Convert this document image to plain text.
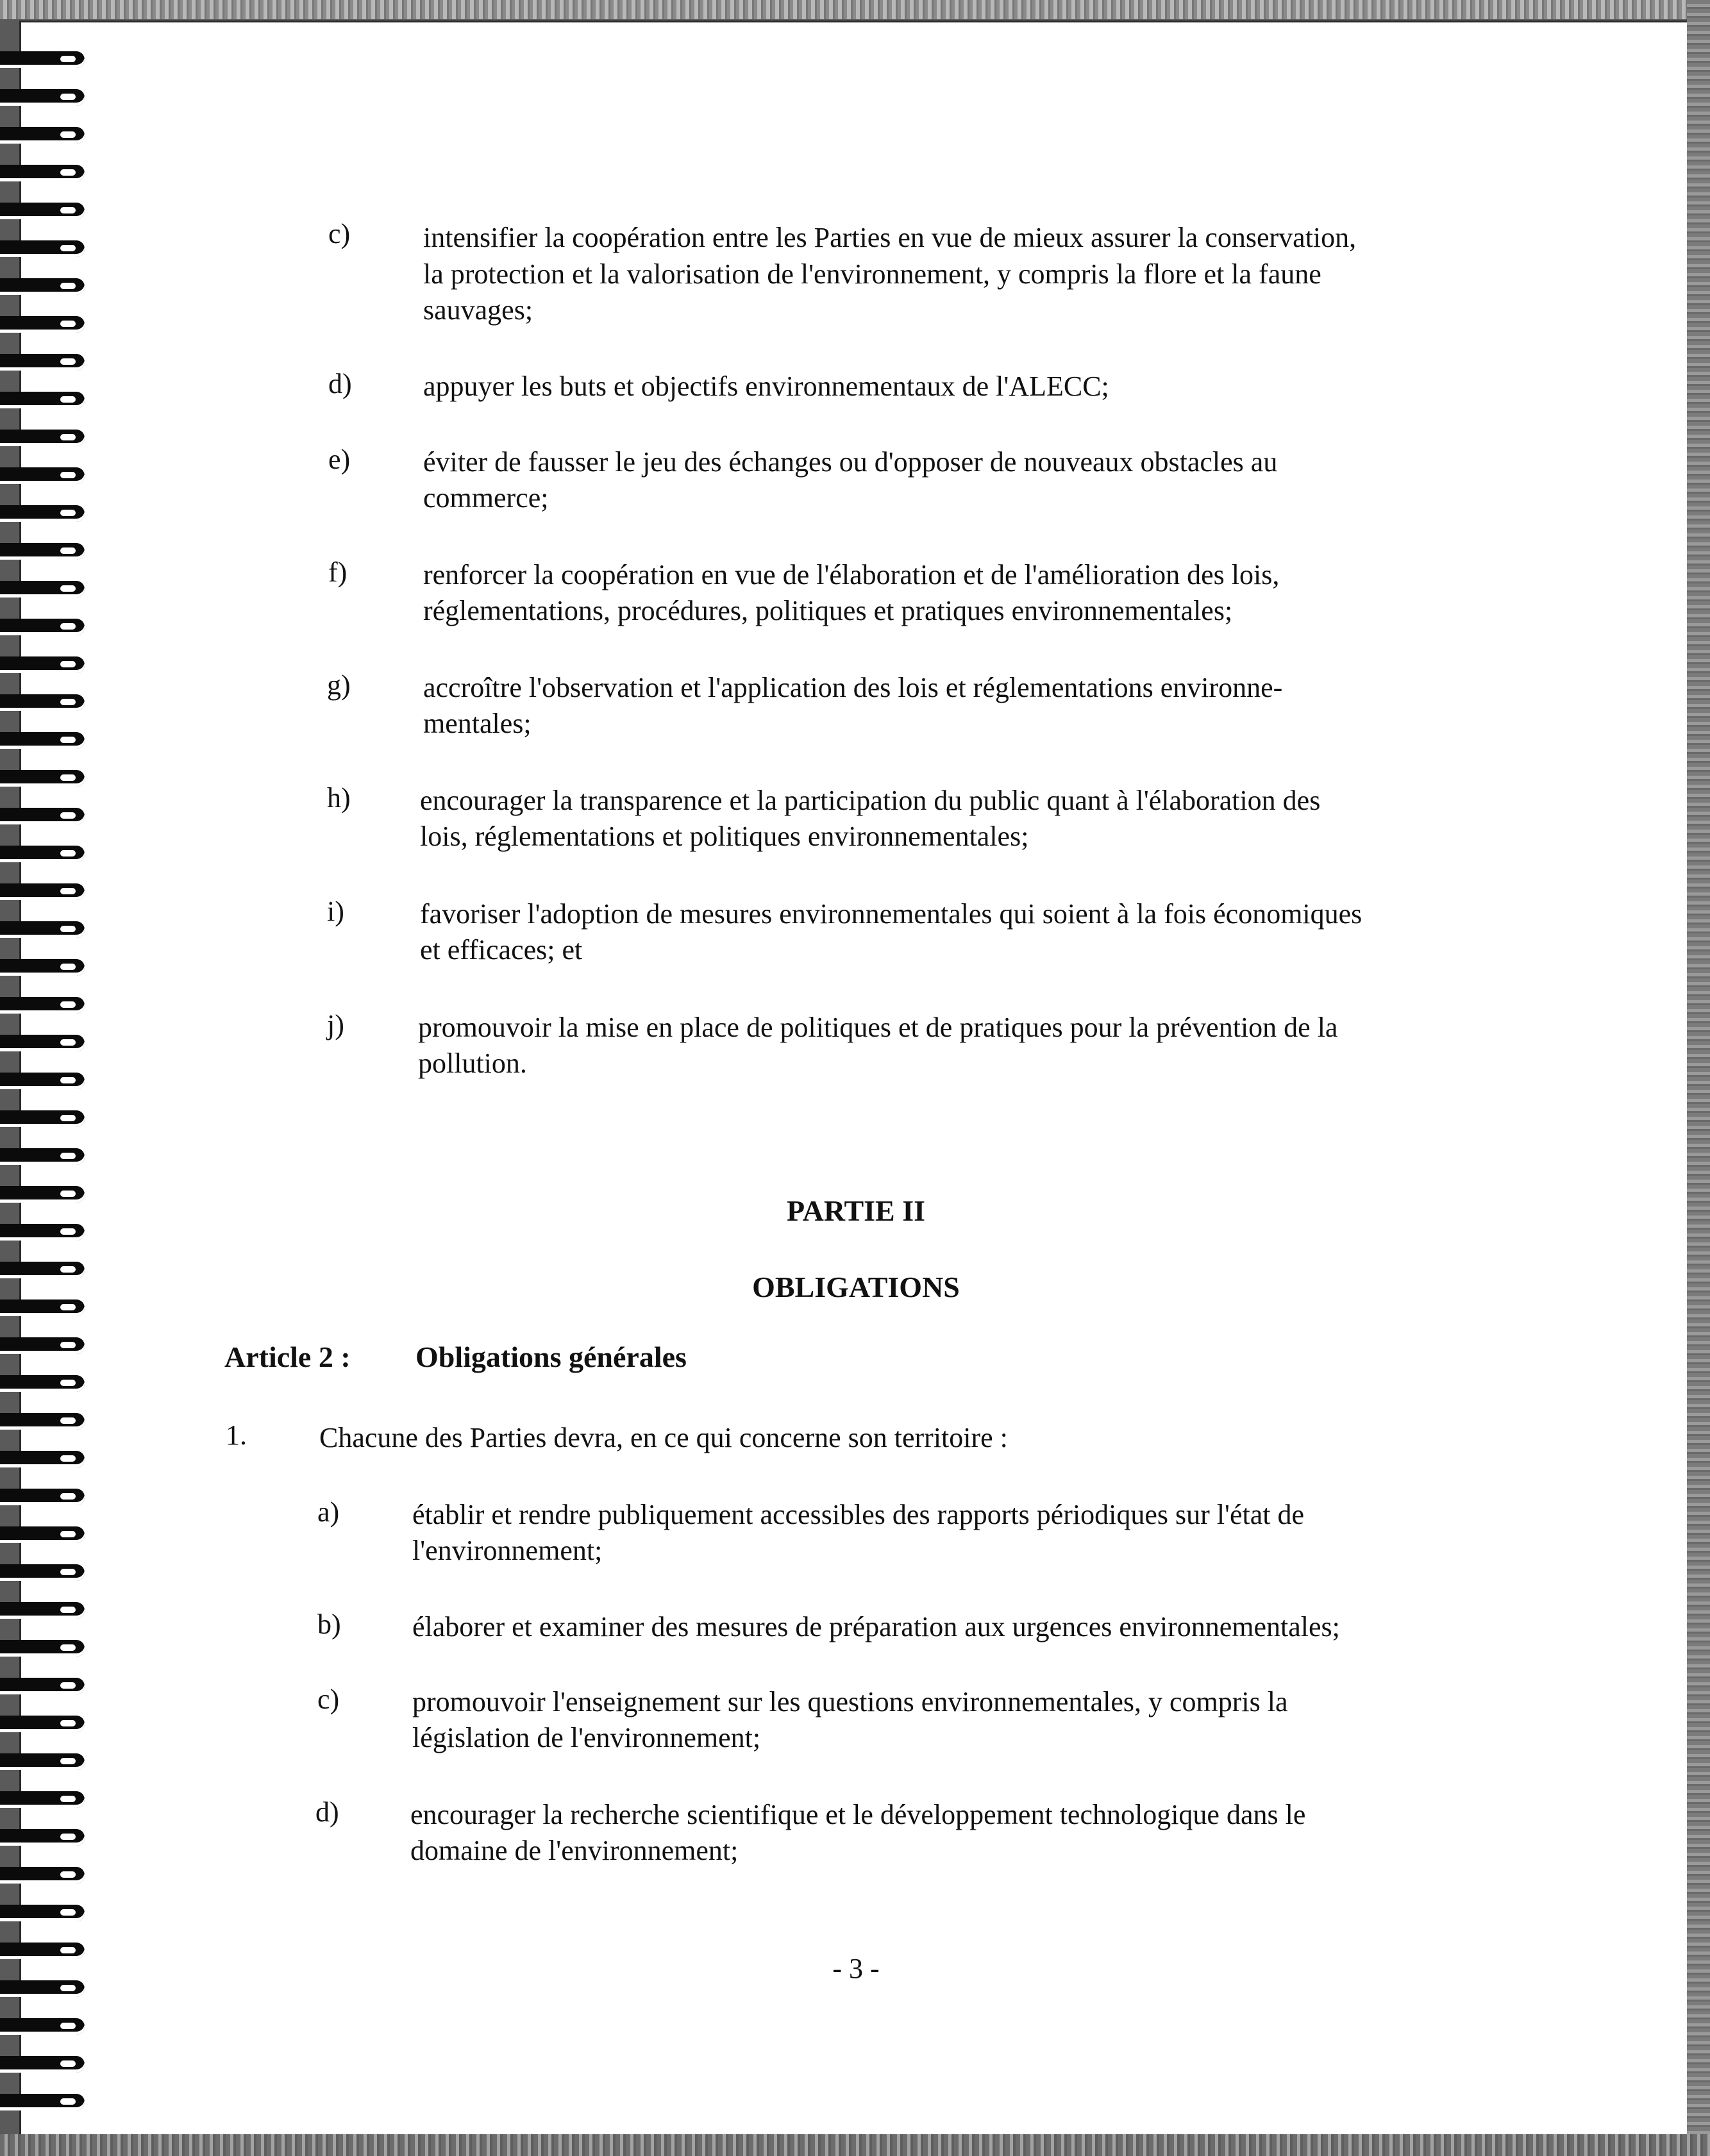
c)	intensifier la coopération entre les Parties en vue de mieux assurer la conservation,
la protection et la valorisation de l'environnement, y compris la flore et la faune
sauvages;
d)	appuyer les buts et objectifs environnementaux de l'ALECC;
e)	éviter de fausser le jeu des échanges ou d'opposer de nouveaux obstacles au
commerce;
f)	renforcer la coopération en vue de l'élaboration et de l'amélioration des lois,
réglementations, procédures, politiques et pratiques environnementales;
g)	accroître l'observation et l'application des lois et réglementations environne-
mentales;
h) encourager la transparence et la participation du public quant à l'élaboration des
lois, réglementations et politiques environnementales;
i)	favoriser l'adoption de mesures environnementales qui soient à la fois économiques
et efficaces; et
j)	promouvoir la mise en place de politiques et de pratiques pour la prévention de la
pollution.
PARTIE II
OBLIGATIONS
Article 2 : Obligations générales
1.	Chacune des Parties devra, en ce qui concerne son territoire :
a)	établir et rendre publiquement accessibles des rapports périodiques sur l'état de
l'environnement;
b)	élaborer et examiner des mesures de préparation aux urgences environnementales;
c)	promouvoir l'enseignement sur les questions environnementales, y compris la
législation de l'environnement;
d)	encourager la recherche scientifique et le développement technologique dans le
domaine de l'environnement;
- 3 -
